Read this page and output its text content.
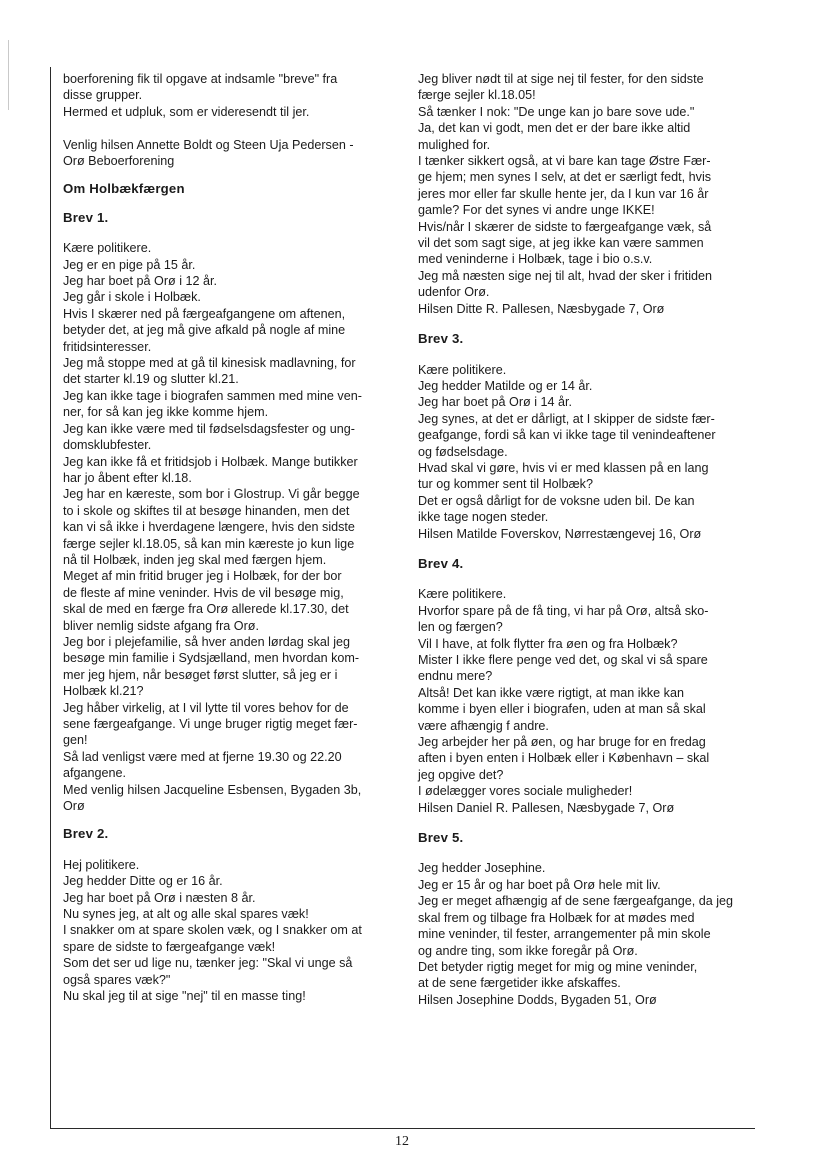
boerforening fik til opgave at indsamle "breve" fra
disse grupper.
Hermed et udpluk, som er videresendt til jer.

Venlig hilsen Annette Boldt og Steen Uja Pedersen -
Orø Beboerforening

Om Holbækfærgen
Brev 1.

Kære politikere.
Jeg er en pige på 15 år.
Jeg har boet på Orø i 12 år.
Jeg går i skole i Holbæk.
Hvis I skærer ned på færgeafgangene om aftenen,
betyder det, at jeg må give afkald på nogle af mine
fritidsinteresser.
Jeg må stoppe med at gå til kinesisk madlavning, for
det starter kl.19 og slutter kl.21.
Jeg kan ikke tage i biografen sammen med mine ven-
ner, for så kan jeg ikke komme hjem.
Jeg kan ikke være med til fødselsdagsfester og ung-
domsklubfester.
Jeg kan ikke få et fritidsjob i Holbæk. Mange butikker
har jo åbent efter kl.18.
Jeg har en kæreste, som bor i Glostrup. Vi går begge
to i skole og skiftes til at besøge hinanden, men det
kan vi så ikke i hverdagene længere, hvis den sidste
færge sejler kl.18.05, så kan min kæreste jo kun lige
nå til Holbæk, inden jeg skal med færgen hjem.
Meget af min fritid bruger jeg i Holbæk, for der bor
de fleste af mine veninder. Hvis de vil besøge mig,
skal de med en færge fra Orø allerede kl.17.30, det
bliver nemlig sidste afgang fra Orø.
Jeg bor i plejefamilie, så hver anden lørdag skal jeg
besøge min familie i Sydsjælland, men hvordan kom-
mer jeg hjem, når besøget først slutter, så jeg er i
Holbæk kl.21?
Jeg håber virkelig, at I vil lytte til vores behov for de
sene færgeafgange. Vi unge bruger rigtig meget fær-
gen!
Så lad venligst være med at fjerne 19.30 og 22.20
afgangene.
Med venlig hilsen Jacqueline Esbensen, Bygaden 3b,
Orø

Brev 2.

Hej politikere.
Jeg hedder Ditte og er 16 år.
Jeg har boet på Orø i næsten 8 år.
Nu synes jeg, at alt og alle skal spares væk!
I snakker om at spare skolen væk, og I snakker om at
spare de sidste to færgeafgange væk!
Som det ser ud lige nu, tænker jeg: "Skal vi unge så
også spares væk?"
Nu skal jeg til at sige "nej" til en masse ting!

Jeg bliver nødt til at sige nej til fester, for den sidste
færge sejler kl.18.05!
Så tænker I nok: "De unge kan jo bare sove ude."
Ja, det kan vi godt, men det er der bare ikke altid
mulighed for.
I tænker sikkert også, at vi bare kan tage Østre Fær-
ge hjem; men synes I selv, at det er særligt fedt, hvis
jeres mor eller far skulle hente jer, da I kun var 16 år
gamle? For det synes vi andre unge IKKE!
Hvis/når I skærer de sidste to færgeafgange væk, så
vil det som sagt sige, at jeg ikke kan være sammen
med veninderne i Holbæk, tage i bio o.s.v.
Jeg må næsten sige nej til alt, hvad der sker i fritiden
udenfor Orø.
Hilsen Ditte R. Pallesen, Næsbygade 7, Orø

Brev 3.

Kære politikere.
Jeg hedder Matilde og er 14 år.
Jeg har boet på Orø i 14 år.
Jeg synes, at det er dårligt, at I skipper de sidste fær-
geafgange, fordi så kan vi ikke tage til venindeaftener
og fødselsdage.
Hvad skal vi gøre, hvis vi er med klassen på en lang
tur og kommer sent til Holbæk?
Det er også dårligt for de voksne uden bil. De kan
ikke tage nogen steder.
Hilsen Matilde Foverskov, Nørrestængevej 16, Orø

Brev 4.

Kære politikere.
Hvorfor spare på de få ting, vi har på Orø, altså sko-
len og færgen?
Vil I have, at folk flytter fra øen og fra Holbæk?
Mister I ikke flere penge ved det, og skal vi så spare
endnu mere?
Altså! Det kan ikke være rigtigt, at man ikke kan
komme i byen eller i biografen, uden at man så skal
være afhængig f andre.
Jeg arbejder her på øen, og har bruge for en fredag
aften i byen enten i Holbæk eller i København – skal
jeg opgive det?
I ødelægger vores sociale muligheder!
Hilsen Daniel R. Pallesen, Næsbygade 7, Orø

Brev 5.

Jeg hedder Josephine.
Jeg er 15 år og har boet på Orø hele mit liv.
Jeg er meget afhængig af de sene færgeafgange, da jeg
skal frem og tilbage fra Holbæk for at mødes med
mine veninder, til fester, arrangementer på min skole
og andre ting, som ikke foregår på Orø.
Det betyder rigtig meget for mig og mine veninder,
at de sene færgetider ikke afskaffes.
Hilsen Josephine Dodds, Bygaden 51, Orø

12
